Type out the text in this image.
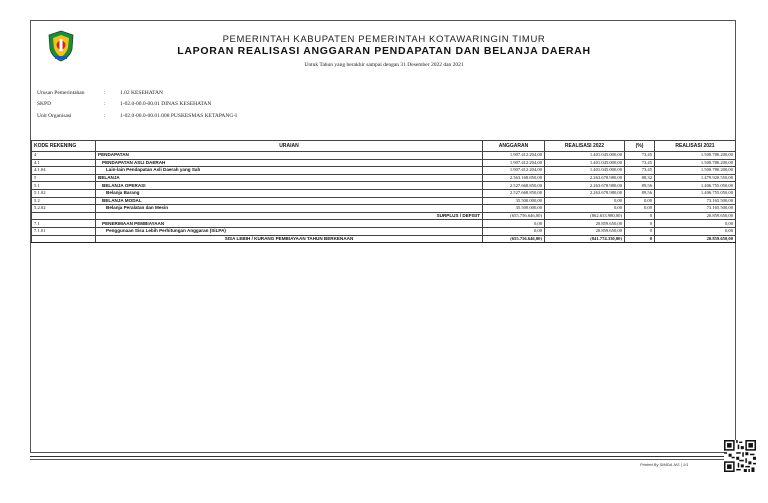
PEMERINTAH KABUPATEN PEMERINTAH KOTAWARINGIN TIMUR
LAPORAN REALISASI ANGGARAN PENDAPATAN DAN BELANJA DAERAH
Untuk Tahun yang berakhir sampai dengan 31 Desember 2022 dan 2021
Urusan Pemerintahan	:	1.02 KESEHATAN
SKPD	:	1-02.0-00.0-00.01 DINAS KESEHATAN
Unit Organisasi	:	1-02.0-00.0-00.01.008 PUSKESMAS KETAPANG-I
KODE REKENING	URAIAN	ANGGARAN	REALISASI 2022	(%)	REALISASI 2021
4	PENDAPATAN	1.907.412.204,00	1.401.045.000,00	73,45	1.500.780.200,00
4.1	PENDAPATAN ASLI DAERAH	1.907.412.204,00	1.401.045.000,00	73,45	1.500.780.200,00
4.1.04	Lain-lain Pendapatan Asli Daerah yang Sah	1.907.412.204,00	1.401.045.000,00	73,45	1.500.780.200,00
5	BELANJA	2.563.168.850,00	2.263.678.980,00	88,32	1.479.920.550,00
5.1	BELANJA OPERASI	2.527.668.850,00	2.263.678.980,00	89,56	1.406.755.050,00
5.1.02	Belanja Barang	2.527.668.850,00	2.263.678.980,00	89,56	1.406.755.050,00
5.2	BELANJA MODAL	35.500.000,00	0,00	0,00	73.165.500,00
5.2.02	Belanja Peralatan dan Mesin	35.500.000,00	0,00	0,00	73.165.500,00
	SURPLUS / DEFISIT	(655.756.646,00)	(862.633.980,00)	0	20.859.650,00
7.1	PENERIMAAN PEMBIAYAAN	0,00	20.859.650,00	0	0,00
7.1.01	Penggunaan Sisa Lebih Perhitungan Anggaran (SiLPA)	0,00	20.859.650,00	0	0,00
	SISA LEBIH / KURANG PEMBIAYAAN TAHUN BERKENAAN	(655.756.646,00)	(841.774.330,00)	0	20.859.650,00
Printed By SIMDA-NG | 1/1
